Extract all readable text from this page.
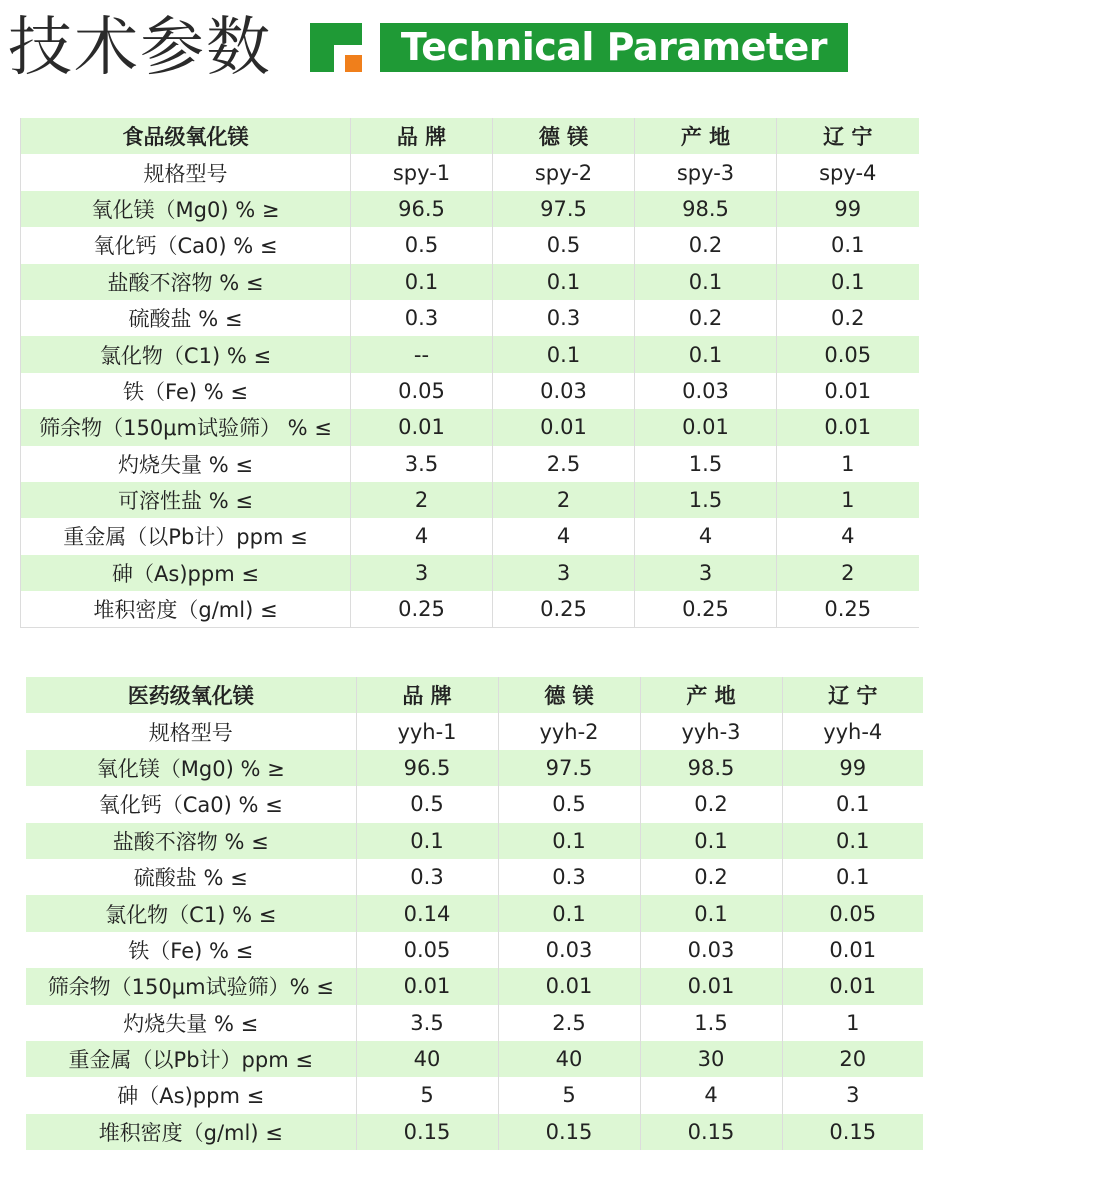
技术参数	Technical Parameter
食品级氧化镁	品 牌	德 镁	产 地	辽 宁
规格型号	spy-1	spy-2	spy-3	spy-4
氧化镁（Mg0) % ≥	96.5	97.5	98.5	99
氧化钙（Ca0) % ≤	0.5	0.5	0.2	0.1
盐酸不溶物 % ≤	0.1	0.1	0.1	0.1
硫酸盐 % ≤	0.3	0.3	0.2	0.2
氯化物（C1) % ≤	--	0.1	0.1	0.05
铁（Fe) % ≤	0.05	0.03	0.03	0.01
筛余物（150μm试验筛） % ≤	0.01	0.01	0.01	0.01
灼烧失量 % ≤	3.5	2.5	1.5	1
可溶性盐 % ≤	2	2	1.5	1
重金属（以Pb计）ppm ≤	4	4	4	4
砷（As)ppm ≤	3	3	3	2
堆积密度（g/ml) ≤	0.25	0.25	0.25	0.25
医药级氧化镁	品 牌	德 镁	产 地	辽 宁
规格型号	yyh-1	yyh-2	yyh-3	yyh-4
氧化镁（Mg0) % ≥	96.5	97.5	98.5	99
氧化钙（Ca0) % ≤	0.5	0.5	0.2	0.1
盐酸不溶物 % ≤	0.1	0.1	0.1	0.1
硫酸盐 % ≤	0.3	0.3	0.2	0.1
氯化物（C1) % ≤	0.14	0.1	0.1	0.05
铁（Fe) % ≤	0.05	0.03	0.03	0.01
筛余物（150μm试验筛）% ≤	0.01	0.01	0.01	0.01
灼烧失量 % ≤	3.5	2.5	1.5	1
重金属（以Pb计）ppm ≤	40	40	30	20
砷（As)ppm ≤	5	5	4	3
堆积密度（g/ml) ≤	0.15	0.15	0.15	0.15
